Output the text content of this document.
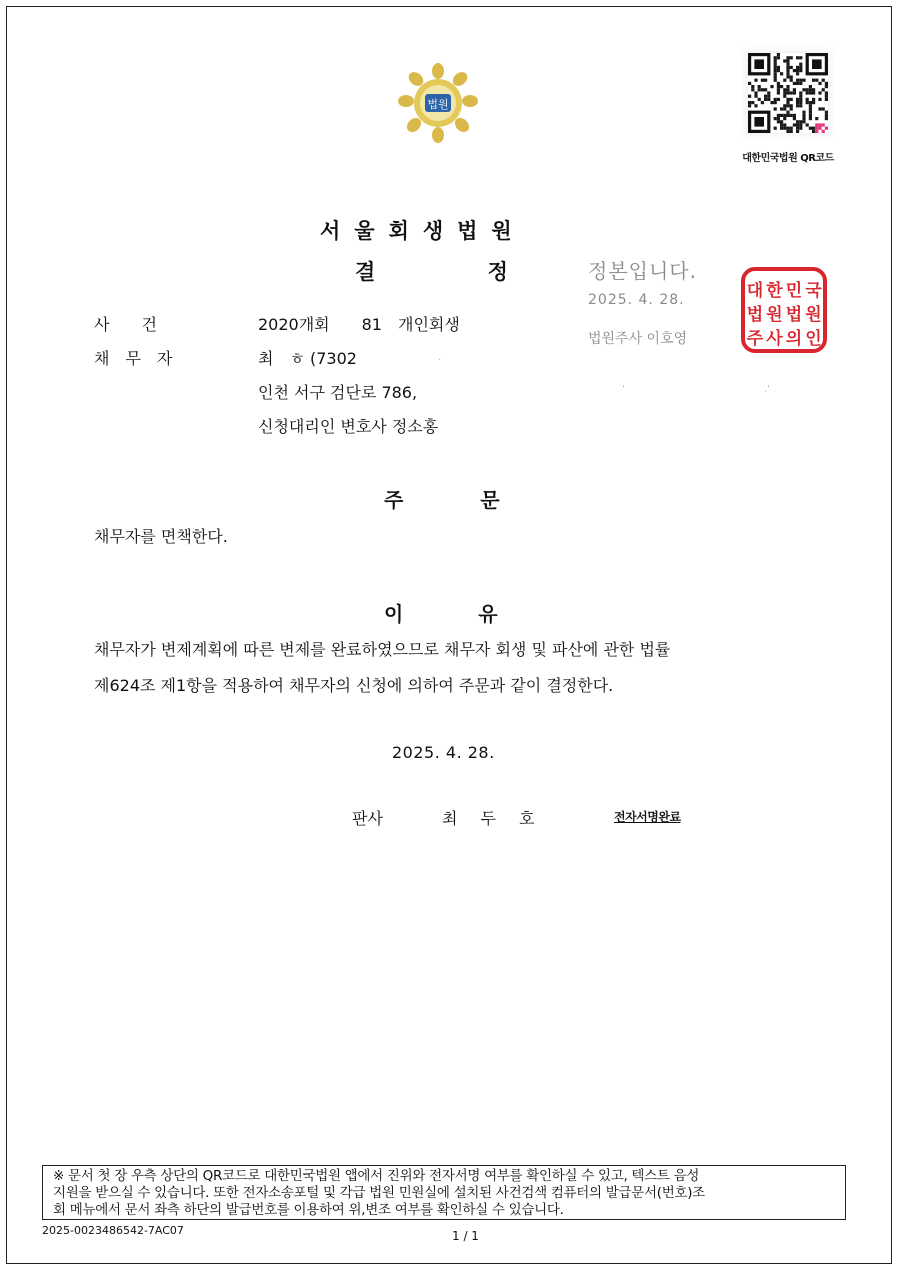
법원
대한민국법원 QR코드
서울회생법원
결 정	정본입니다.
2025. 4. 28.
법원주사 이호영
대 한 민 국
법 원 법 원
주 사 의 인
사　　건	2020개회　　81　개인회생
채　무　자	최　ㅎ (7302	.
인천 서구 검단로 786,	'	.'
신청대리인 변호사 정소홍
주 문
채무자를 면책한다.
이 유
채무자가 변제계획에 따른 변제를 완료하였으므로 채무자 회생 및 파산에 관한 법률
제624조 제1항을 적용하여 채무자의 신청에 의하여 주문과 같이 결정한다.
2025. 4. 28.
판사	최 두 호	전자서명완료
※ 문서 첫 장 우측 상단의 QR코드로 대한민국법원 앱에서 진위와 전자서명 여부를 확인하실 수 있고, 텍스트 음성
지원을 받으실 수 있습니다. 또한 전자소송포털 및 각급 법원 민원실에 설치된 사건검색 컴퓨터의 발급문서(번호)조
회 메뉴에서 문서 좌측 하단의 발급번호를 이용하여 위,변조 여부를 확인하실 수 있습니다.
2025-0023486542-7AC07	1 / 1
